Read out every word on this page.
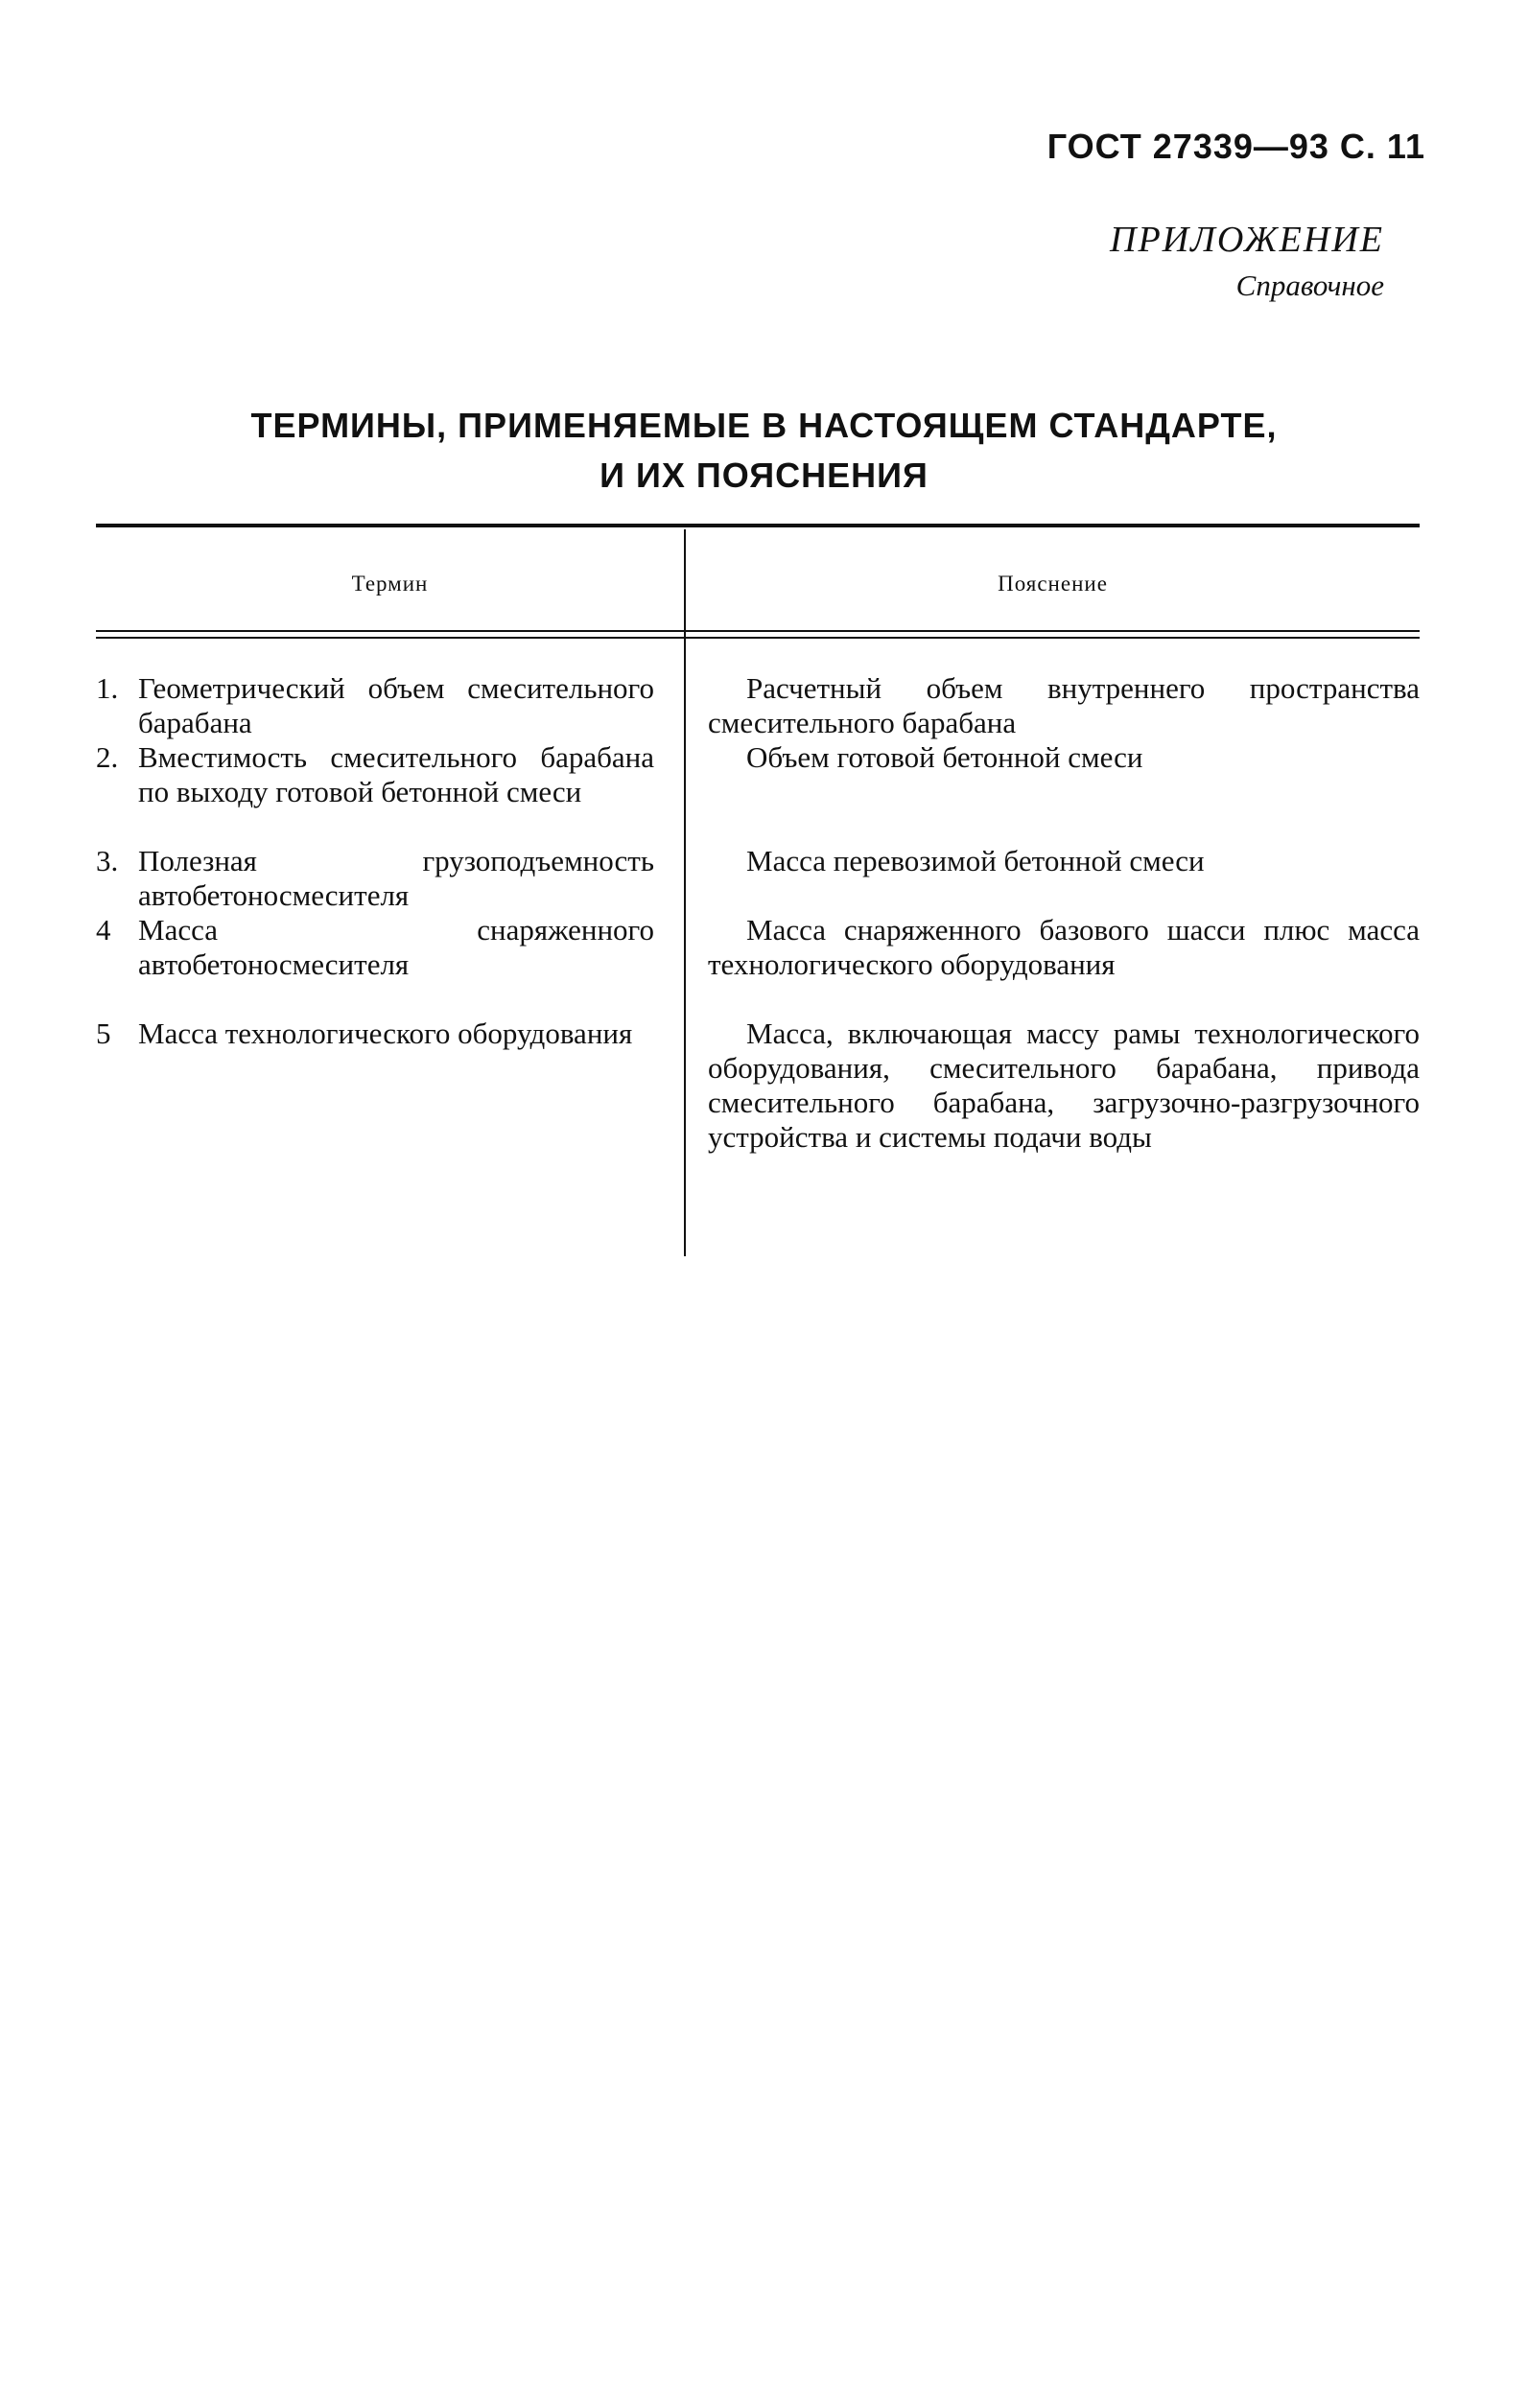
ГОСТ 27339—93 С. 11
ПРИЛОЖЕНИЕ
Справочное
ТЕРМИНЫ, ПРИМЕНЯЕМЫЕ В НАСТОЯЩЕМ СТАНДАРТЕ,
И ИХ ПОЯСНЕНИЯ
Термин	Пояснение
1. Геометрический объем смесительного барабана
2. Вместимость смесительного барабана по выходу готовой бетонной смеси
3. Полезная грузоподъемность автобетоносмесителя
4 Масса снаряженного автобетоносмесителя
5 Масса технологического оборудования
Расчетный объем внутреннего пространства смесительного барабана
Объем готовой бетонной смеси
Масса перевозимой бетонной смеси
Масса снаряженного базового шасси плюс масса технологического оборудования
Масса, включающая массу рамы технологического оборудования, смесительного барабана, привода смесительного барабана, загрузочно-разгрузочного устройства и системы подачи воды
